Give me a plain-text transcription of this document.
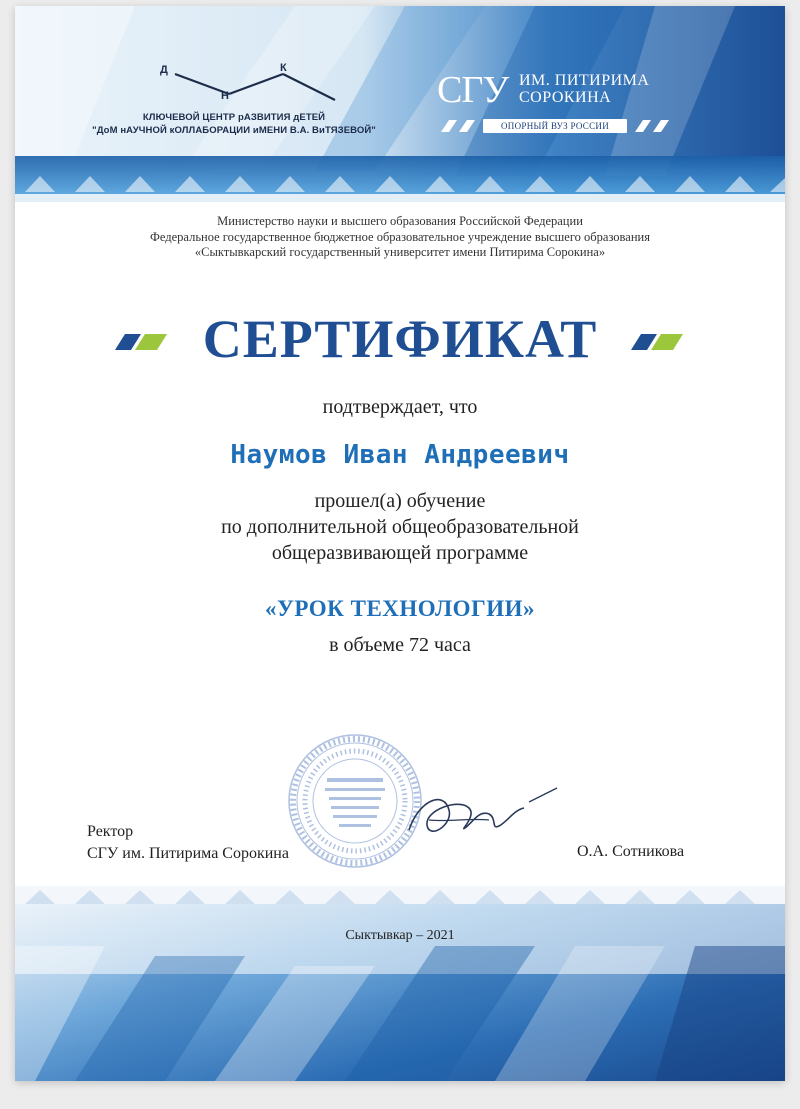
Д
Н
К
КЛЮЧЕВОЙ ЦЕНТР рАЗВИТИЯ дЕТЕЙ
"ДоМ нАУЧНОЙ кОЛЛАБОРАЦИИ иМЕНИ В.А. ВиТЯЗЕВОЙ"
СГУ ИМ. ПИТИРИМА
СОРОКИНА
ОПОРНЫЙ ВУЗ РОССИИ
Министерство науки и высшего образования Российской Федерации
Федеральное государственное бюджетное образовательное учреждение высшего образования
«Сыктывкарский государственный университет имени Питирима Сорокина»
СЕРТИФИКАТ
подтверждает, что
Наумов Иван Андреевич
прошел(а) обучение
по дополнительной общеобразовательной
общеразвивающей программе
«УРОК ТЕХНОЛОГИИ»
в объеме 72 часа
Ректор
СГУ им. Питирима Сорокина	О.А. Сотникова
Сыктывкар – 2021
